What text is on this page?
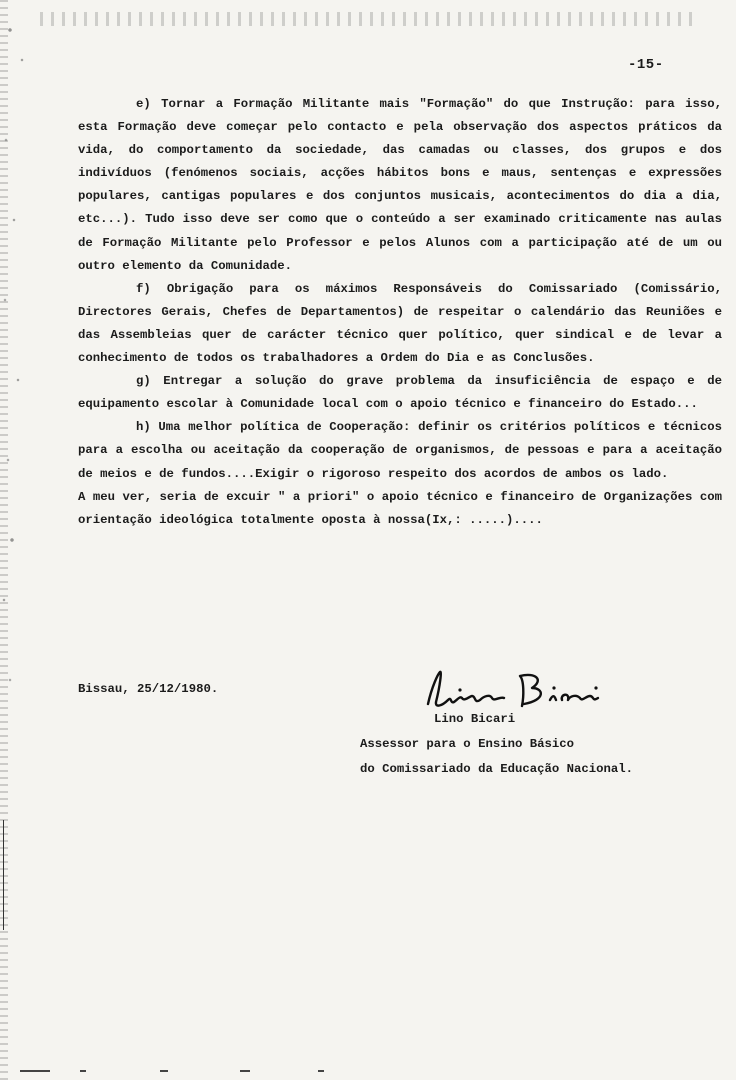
-15-

e) Tornar a Formação Militante mais "Formação" do que Instrução: para isso, esta Formação deve começar pelo contacto e pela observação dos aspectos práticos da vida, do comportamento da sociedade, das camadas ou classes, dos grupos e dos indivíduos (fenómenos sociais, acções hábitos bons e maus, sentenças e expressões populares, cantigas populares e dos conjuntos musicais, acontecimentos do dia a dia, etc...). Tudo isso deve ser como que o conteúdo a ser examinado criticamente nas aulas de Formação Militante pelo Professor e pelos Alunos com a participação até de um ou outro elemento da Comunidade.

f) Obrigação para os máximos Responsáveis do Comissariado (Comissário, Directores Gerais, Chefes de Departamentos) de respeitar o calendário das Reuniões e das Assembleias quer de carácter técnico quer político, quer sindical e de levar a conhecimento de todos os trabalhadores a Ordem do Dia e as Conclusões.

g) Entregar a solução do grave problema da insuficiência de espaço e de equipamento escolar à Comunidade local com o apoio técnico e financeiro do Estado...

h) Uma melhor política de Cooperação: definir os critérios políticos e técnicos para a escolha ou aceitação da cooperação de organismos, de pessoas e para a aceitação de meios e de fundos....Exigir o rigoroso respeito dos acordos de ambos os lado.

A meu ver, seria de excuir " a priori" o apoio técnico e financeiro de Organizações com orientação ideológica totalmente oposta à nossa(Ix,: .....)....

Bissau, 25/12/1980.
Lino Bicari
Assessor para o Ensino Básico
do Comissariado da Educação Nacional.
